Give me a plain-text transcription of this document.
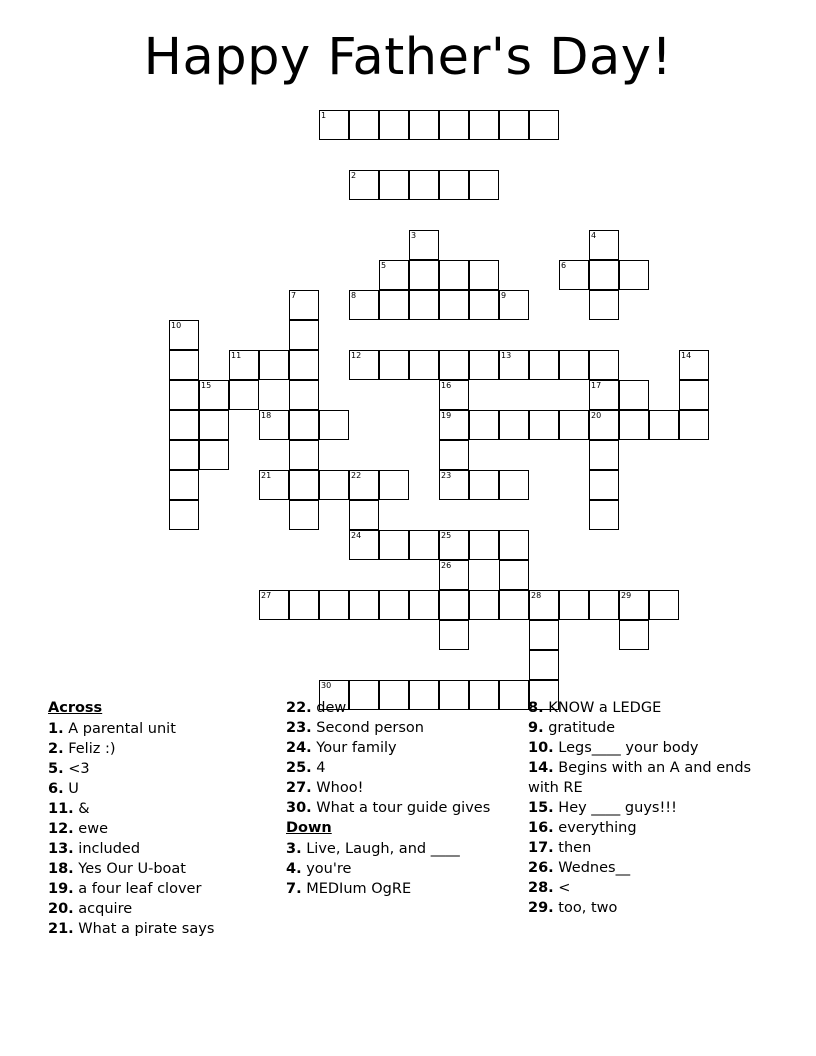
Happy Father's Day!
1
2
3	4
5	6
7	8	9
10
11	12	13	14
15	16	17
18	19	20
21	22	23
24	25
26
27	28	29
30
Across
1. A parental unit
2. Feliz :)
5. <3
6. U
11. &
12. ewe
13. included
18. Yes Our U-boat
19. a four leaf clover
20. acquire
21. What a pirate says
22. dew
23. Second person
24. Your family
25. 4
27. Whoo!
30. What a tour guide gives
Down
3. Live, Laugh, and ____
4. you're
7. MEDIum OgRE
8. KNOW a LEDGE
9. gratitude
10. Legs____ your body
14. Begins with an A and ends with RE
15. Hey ____ guys!!!
16. everything
17. then
26. Wednes__
28. <
29. too, two
